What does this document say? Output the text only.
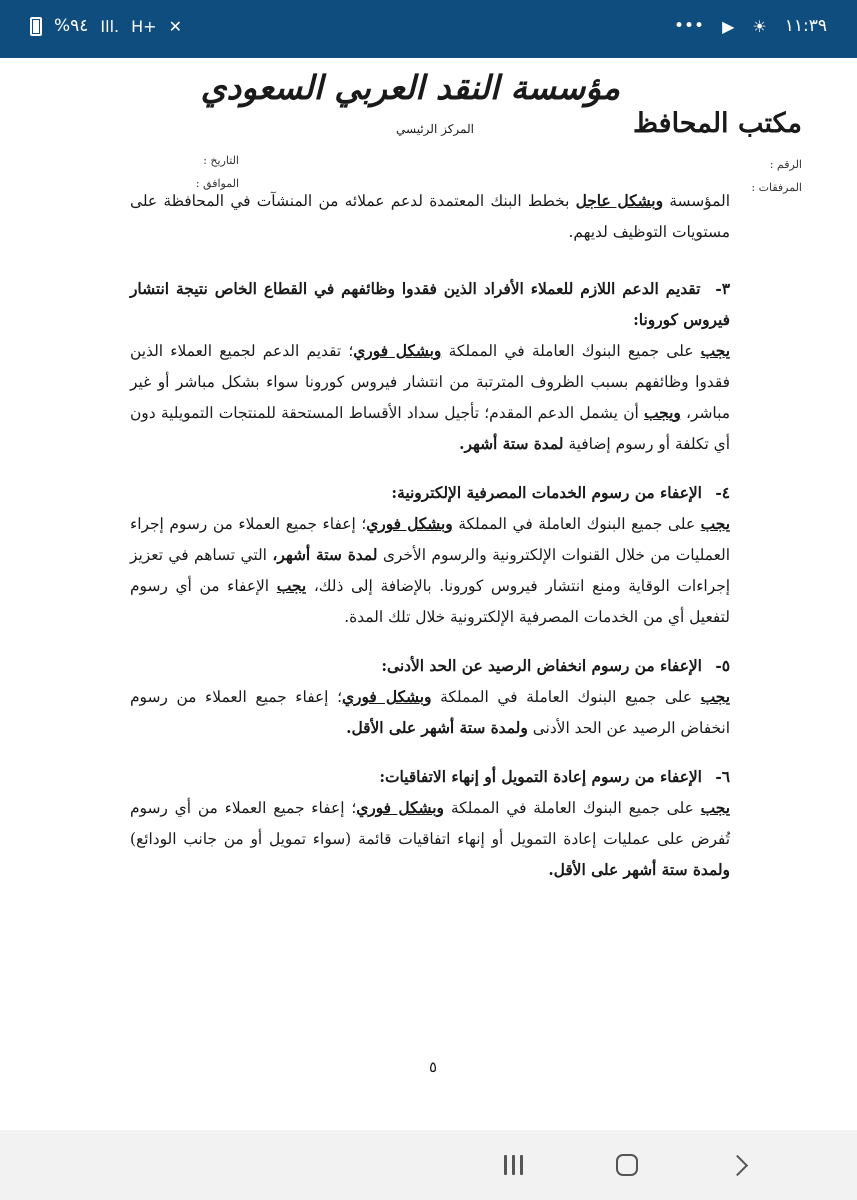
%٩٤ Ill. H+ ✕	••• ▶ ☀ ١١:٣٩
مؤسسة النقد العربي السعودي
المركز الرئيسي	مكتب المحافظ
الرقم :
المرفقات :
التاريخ :
الموافق :

المؤسسة وبشكل عاجل بخطط البنك المعتمدة لدعم عملائه من المنشآت في المحافظة على مستويات التوظيف لديهم.

٣- تقديم الدعم اللازم للعملاء الأفراد الذين فقدوا وظائفهم في القطاع الخاص نتيجة انتشار فيروس كورونا:

يجب على جميع البنوك العاملة في المملكة وبشكل فوري؛ تقديم الدعم لجميع العملاء الذين فقدوا وظائفهم بسبب الظروف المترتبة من انتشار فيروس كورونا سواء بشكل مباشر أو غير مباشر، ويجب أن يشمل الدعم المقدم؛ تأجيل سداد الأقساط المستحقة للمنتجات التمويلية دون أي تكلفة أو رسوم إضافية لمدة ستة أشهر.

٤- الإعفاء من رسوم الخدمات المصرفية الإلكترونية:

يجب على جميع البنوك العاملة في المملكة وبشكل فوري؛ إعفاء جميع العملاء من رسوم إجراء العمليات من خلال القنوات الإلكترونية والرسوم الأخرى لمدة ستة أشهر، التي تساهم في تعزيز إجراءات الوقاية ومنع انتشار فيروس كورونا. بالإضافة إلى ذلك، يجب الإعفاء من أي رسوم لتفعيل أي من الخدمات المصرفية الإلكترونية خلال تلك المدة.

٥- الإعفاء من رسوم انخفاض الرصيد عن الحد الأدنى:

يجب على جميع البنوك العاملة في المملكة وبشكل فوري؛ إعفاء جميع العملاء من رسوم انخفاض الرصيد عن الحد الأدنى ولمدة ستة أشهر على الأقل.

٦- الإعفاء من رسوم إعادة التمويل أو إنهاء الاتفاقيات:

يجب على جميع البنوك العاملة في المملكة وبشكل فوري؛ إعفاء جميع العملاء من أي رسوم تُفرض على عمليات إعادة التمويل أو إنهاء اتفاقيات قائمة (سواء تمويل أو من جانب الودائع) ولمدة ستة أشهر على الأقل.

٥
